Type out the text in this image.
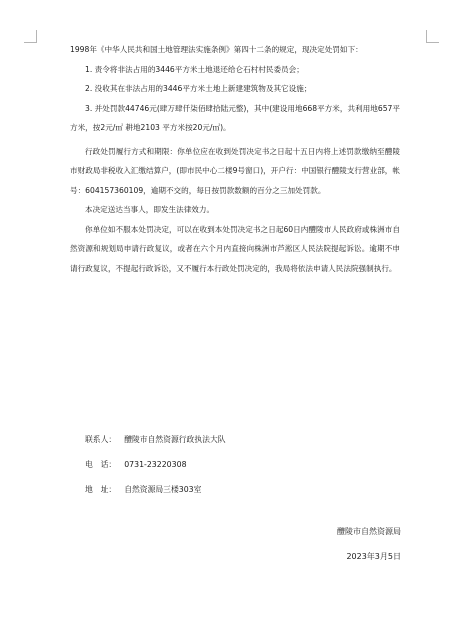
1998年《中华人民共和国土地管理法实施条例》第四十二条的规定，现决定处罚如下：

1. 责令将非法占用的3446平方米土地退还给仑石村村民委员会；

2. 没收其在非法占用的3446平方米土地上新建建筑物及其它设施；

3. 并处罚款44746元(肆万肆仟柒佰肆拾陆元整)，其中(建设用地668平方米，共利用地657平方米，按2元/㎡ 耕地2103 平方米按20元/㎡)。

行政处罚履行方式和期限：你单位应在收到处罚决定书之日起十五日内将上述罚款缴纳至醴陵市财政局非税收入汇缴结算户，(即市民中心二楼9号窗口)，开户行：中国银行醴陵支行营业部，帐号：604157360109，逾期不交的，每日按罚款数额的百分之三加处罚款。

本决定送达当事人，即发生法律效力。

你单位如不服本处罚决定，可以在收到本处罚决定书之日起60日内醴陵市人民政府或株洲市自然资源和规划局申请行政复议，或者在六个月内直接向株洲市芦淞区人民法院提起诉讼。逾期不申请行政复议，不提起行政诉讼，又不履行本行政处罚决定的，我局将依法申请人民法院强制执行。

联系人： 醴陵市自然资源行政执法大队
电　话： 0731-23220308
地　址： 自然资源局三楼303室
醴陵市自然资源局
2023年3月5日
